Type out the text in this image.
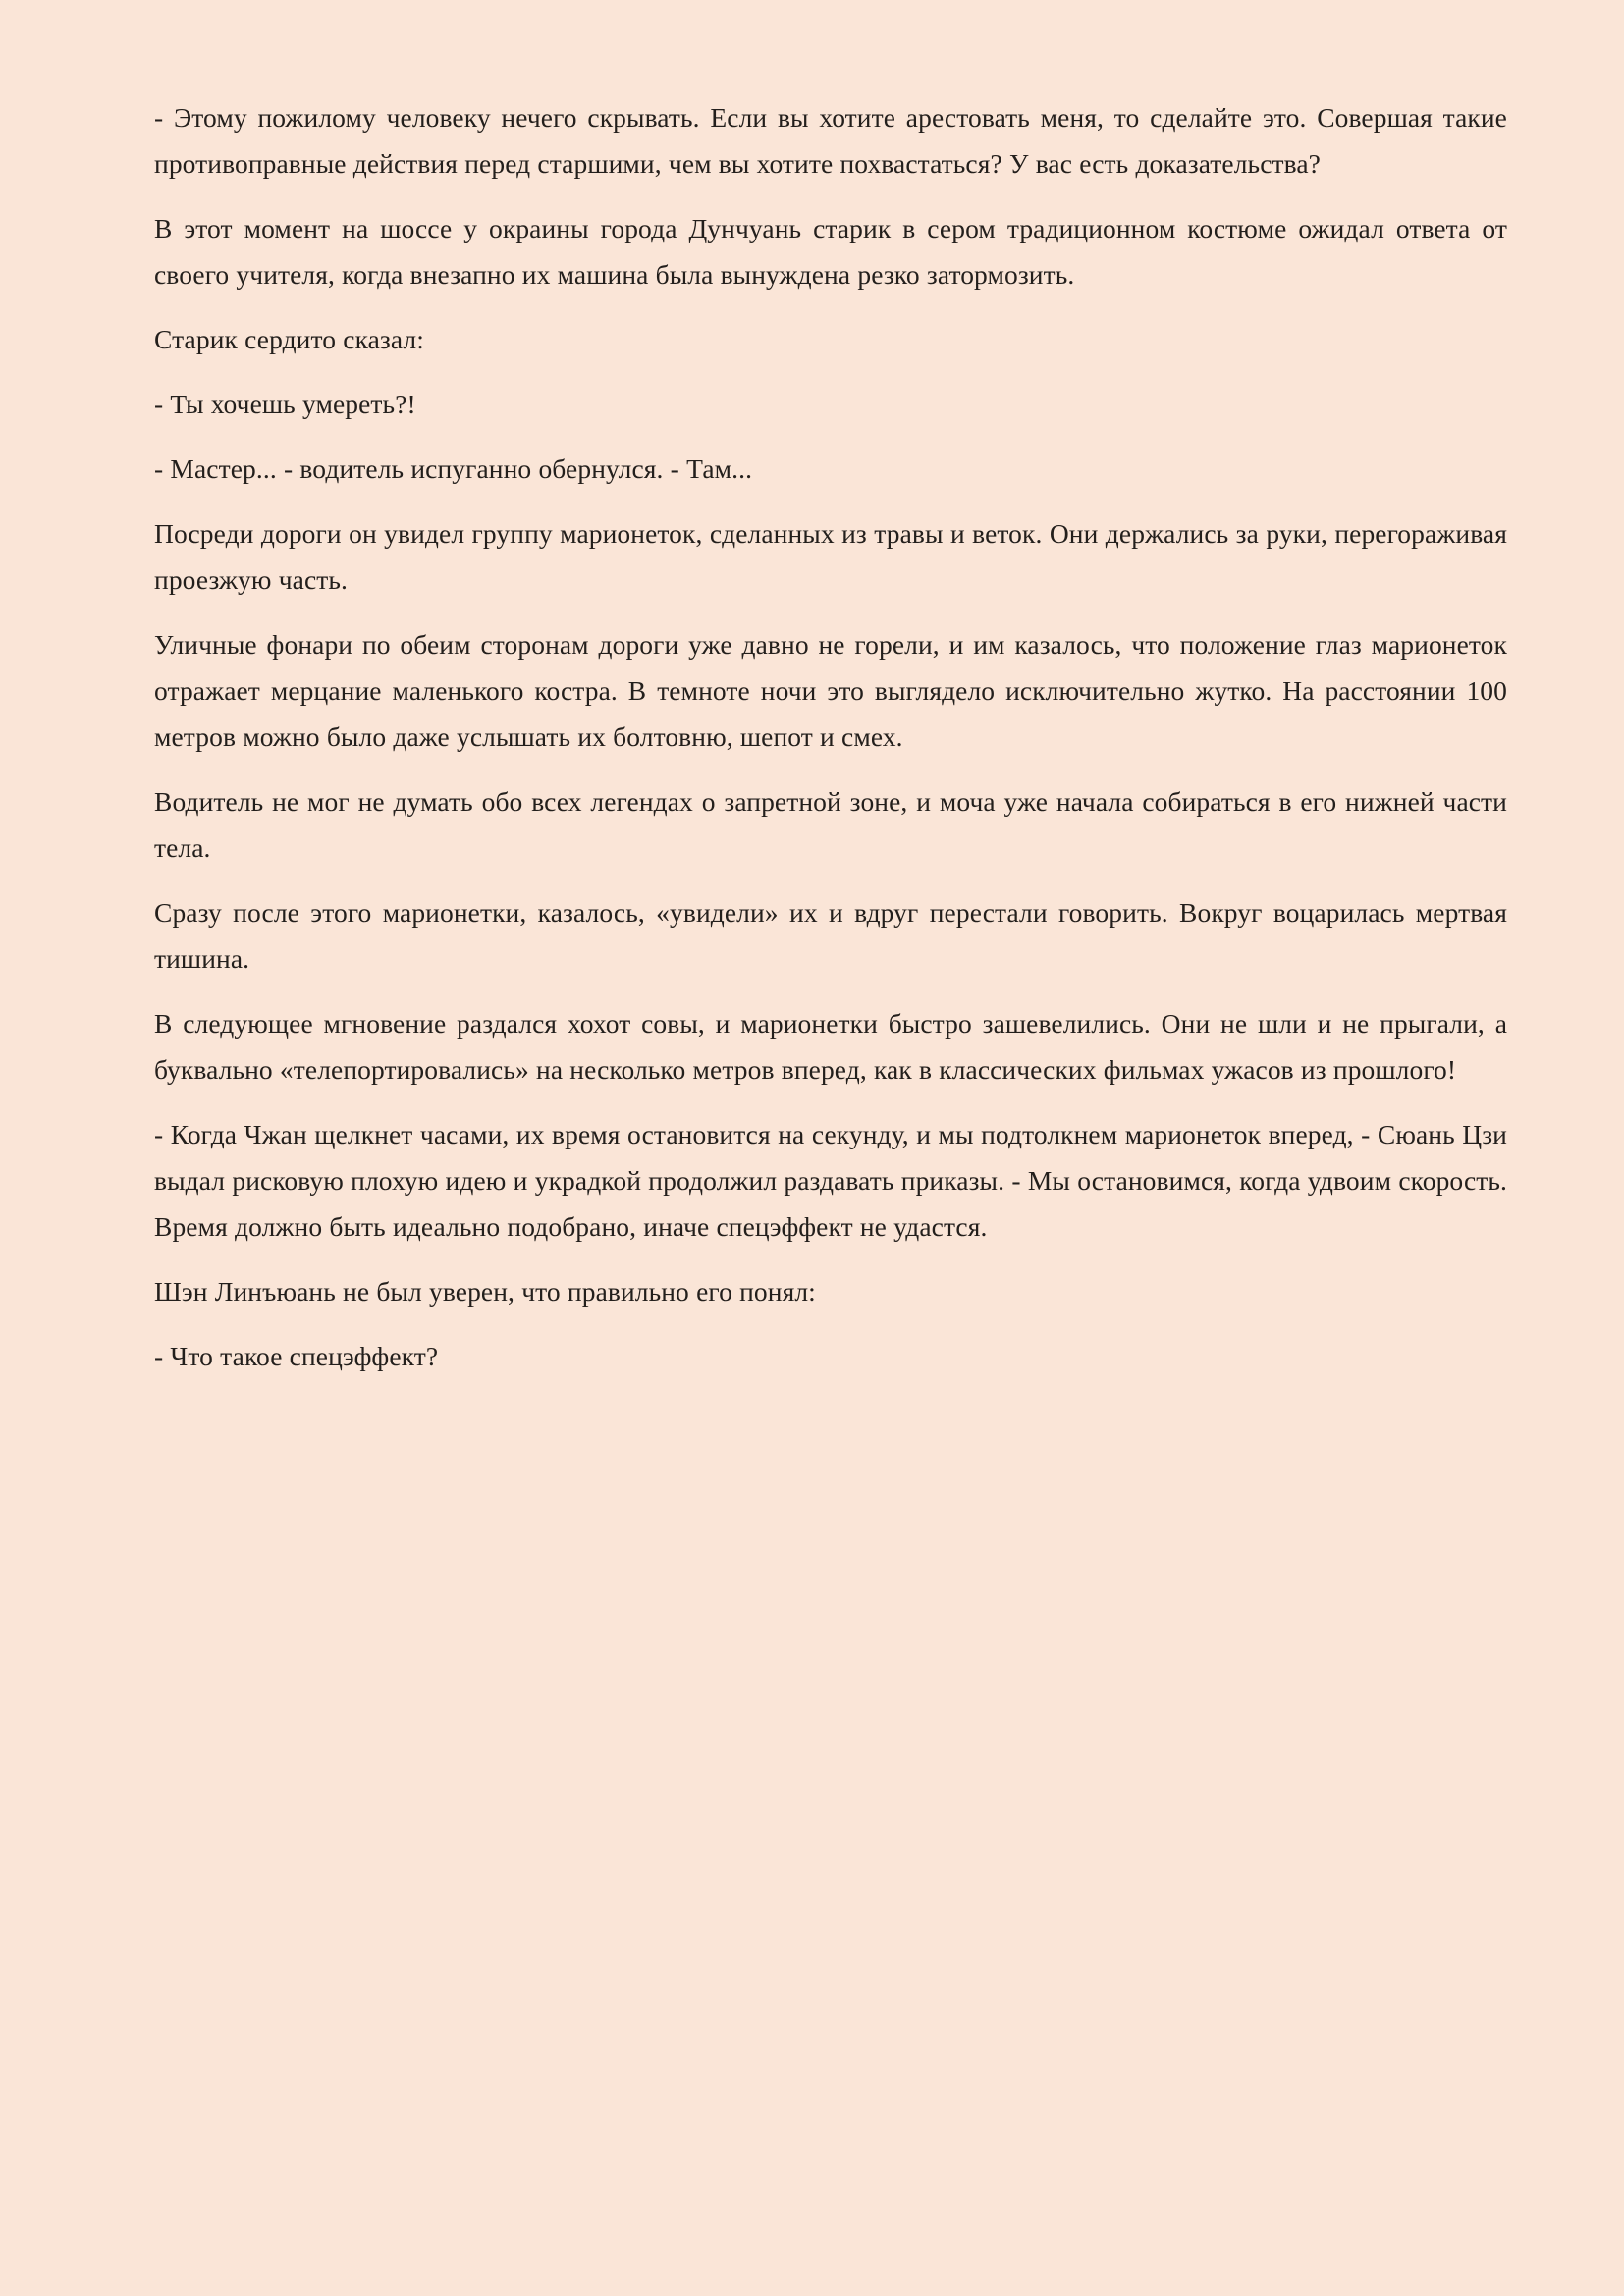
- Этому пожилому человеку нечего скрывать. Если вы хотите арестовать меня, то сделайте это. Совершая такие противоправные действия перед старшими, чем вы хотите похвастаться? У вас есть доказательства?

В этот момент на шоссе у окраины города Дунчуань старик в сером традиционном костюме ожидал ответа от своего учителя, когда внезапно их машина была вынуждена резко затормозить.

Старик сердито сказал:

- Ты хочешь умереть?!

- Мастер... - водитель испуганно обернулся. - Там...

Посреди дороги он увидел группу марионеток, сделанных из травы и веток. Они держались за руки, перегораживая проезжую часть.

Уличные фонари по обеим сторонам дороги уже давно не горели, и им казалось, что положение глаз марионеток отражает мерцание маленького костра. В темноте ночи это выглядело исключительно жутко. На расстоянии 100 метров можно было даже услышать их болтовню, шепот и смех.

Водитель не мог не думать обо всех легендах о запретной зоне, и моча уже начала собираться в его нижней части тела.

Сразу после этого марионетки, казалось, «увидели» их и вдруг перестали говорить. Вокруг воцарилась мертвая тишина.

В следующее мгновение раздался хохот совы, и марионетки быстро зашевелились. Они не шли и не прыгали, а буквально «телепортировались» на несколько метров вперед, как в классических фильмах ужасов из прошлого!

- Когда Чжан щелкнет часами, их время остановится на секунду, и мы подтолкнем марионеток вперед, - Сюань Цзи выдал рисковую плохую идею и украдкой продолжил раздавать приказы. - Мы остановимся, когда удвоим скорость. Время должно быть идеально подобрано, иначе спецэффект не удастся.

Шэн Линъюань не был уверен, что правильно его понял:

- Что такое спецэффект?
